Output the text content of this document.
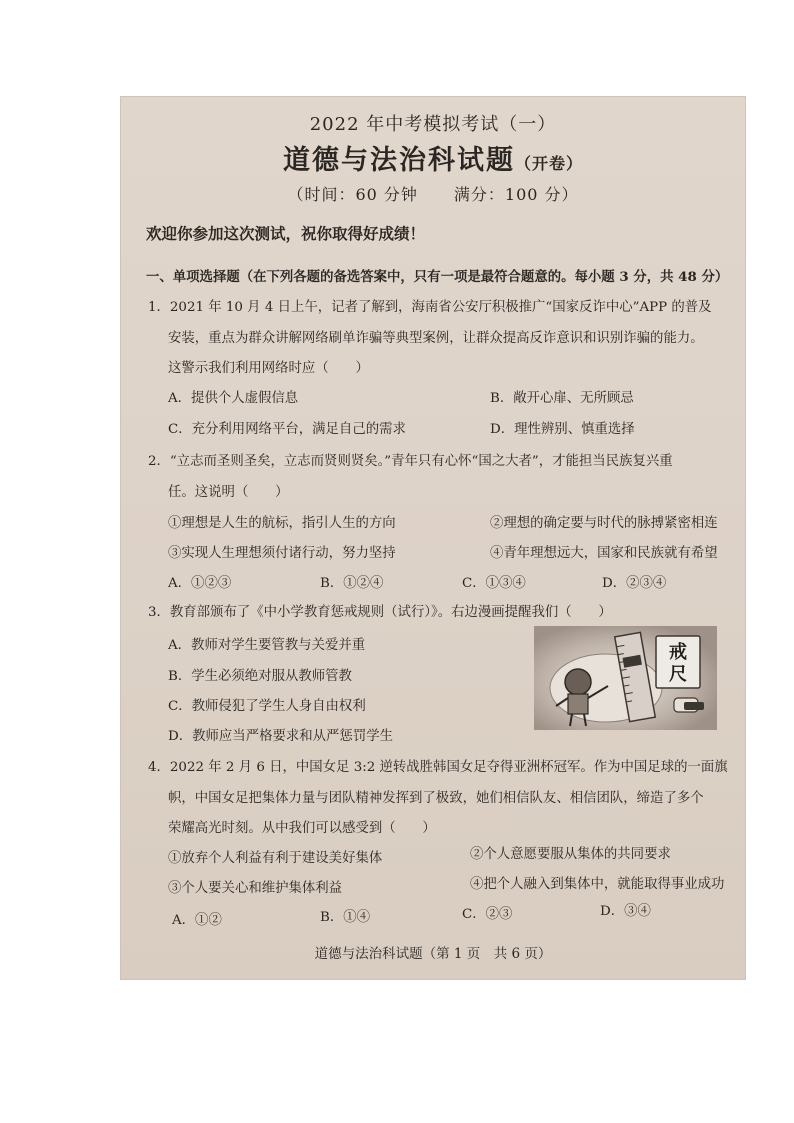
2022 年中考模拟考试（一）
道德与法治科试题（开卷）
（时间：60 分钟 满分：100 分）
欢迎你参加这次测试，祝你取得好成绩！
一、单项选择题（在下列各题的备选答案中，只有一项是最符合题意的。每小题 3 分，共 48 分）
1．2021 年 10 月 4 日上午，记者了解到，海南省公安厅积极推广“国家反诈中心”APP 的普及
安装，重点为群众讲解网络刷单诈骗等典型案例，让群众提高反诈意识和识别诈骗的能力。
这警示我们利用网络时应（　　）
A．提供个人虚假信息	B．敞开心扉、无所顾忌
C．充分利用网络平台，满足自己的需求	D．理性辨别、慎重选择
2．“立志而圣则圣矣，立志而贤则贤矣。”青年只有心怀“国之大者”，才能担当民族复兴重
任。这说明（　　）
①理想是人生的航标，指引人生的方向	②理想的确定要与时代的脉搏紧密相连
③实现人生理想须付诸行动，努力坚持	④青年理想远大，国家和民族就有希望
A．①②③	B．①②④	C．①③④	D．②③④
3．教育部颁布了《中小学教育惩戒规则（试行）》。右边漫画提醒我们（　　）
A．教师对学生要管教与关爱并重
B．学生必须绝对服从教师管教
C．教师侵犯了学生人身自由权利
D．教师应当严格要求和从严惩罚学生
戒
尺
4．2022 年 2 月 6 日，中国女足 3:2 逆转战胜韩国女足夺得亚洲杯冠军。作为中国足球的一面旗
帜，中国女足把集体力量与团队精神发挥到了极致，她们相信队友、相信团队，缔造了多个
荣耀高光时刻。从中我们可以感受到（　　）
①放弃个人利益有利于建设美好集体	②个人意愿要服从集体的共同要求
③个人要关心和维护集体利益	④把个人融入到集体中，就能取得事业成功
A．①②	B．①④	C．②③	D．③④
道德与法治科试题（第 1 页　共 6 页）
